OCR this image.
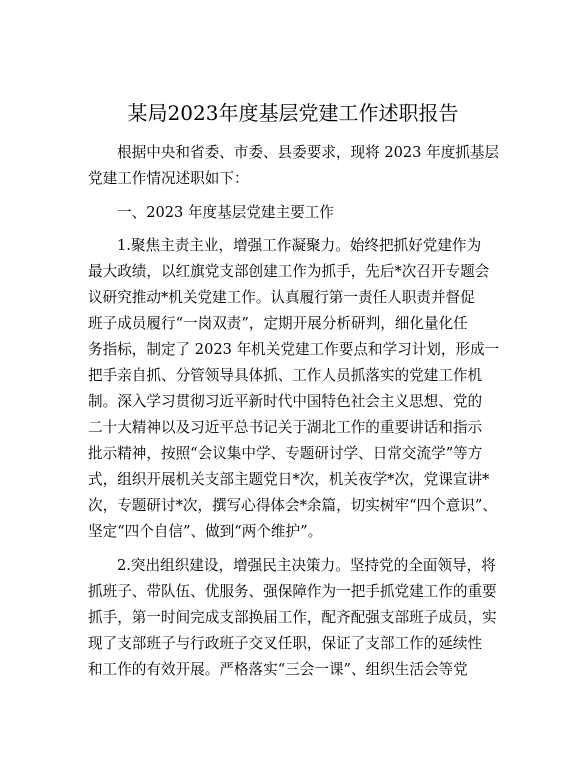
某局2023年度基层党建工作述职报告
根据中央和省委、市委、县委要求，现将 2023 年度抓基层
党建工作情况述职如下：
一、2023 年度基层党建主要工作
1.聚焦主责主业，增强工作凝聚力。始终把抓好党建作为
最大政绩，以红旗党支部创建工作为抓手，先后*次召开专题会
议研究推动*机关党建工作。认真履行第一责任人职责并督促
班子成员履行“一岗双责”，定期开展分析研判，细化量化任
务指标，制定了 2023 年机关党建工作要点和学习计划，形成一
把手亲自抓、分管领导具体抓、工作人员抓落实的党建工作机
制。深入学习贯彻习近平新时代中国特色社会主义思想、党的
二十大精神以及习近平总书记关于湖北工作的重要讲话和指示
批示精神，按照“会议集中学、专题研讨学、日常交流学”等方
式，组织开展机关支部主题党日*次，机关夜学*次，党课宣讲*
次，专题研讨*次，撰写心得体会*余篇，切实树牢“四个意识”、
坚定“四个自信”、做到“两个维护”。
2.突出组织建设，增强民主决策力。坚持党的全面领导，将
抓班子、带队伍、优服务、强保障作为一把手抓党建工作的重要
抓手，第一时间完成支部换届工作，配齐配强支部班子成员，实
现了支部班子与行政班子交叉任职，保证了支部工作的延续性
和工作的有效开展。严格落实“三会一课”、组织生活会等党
